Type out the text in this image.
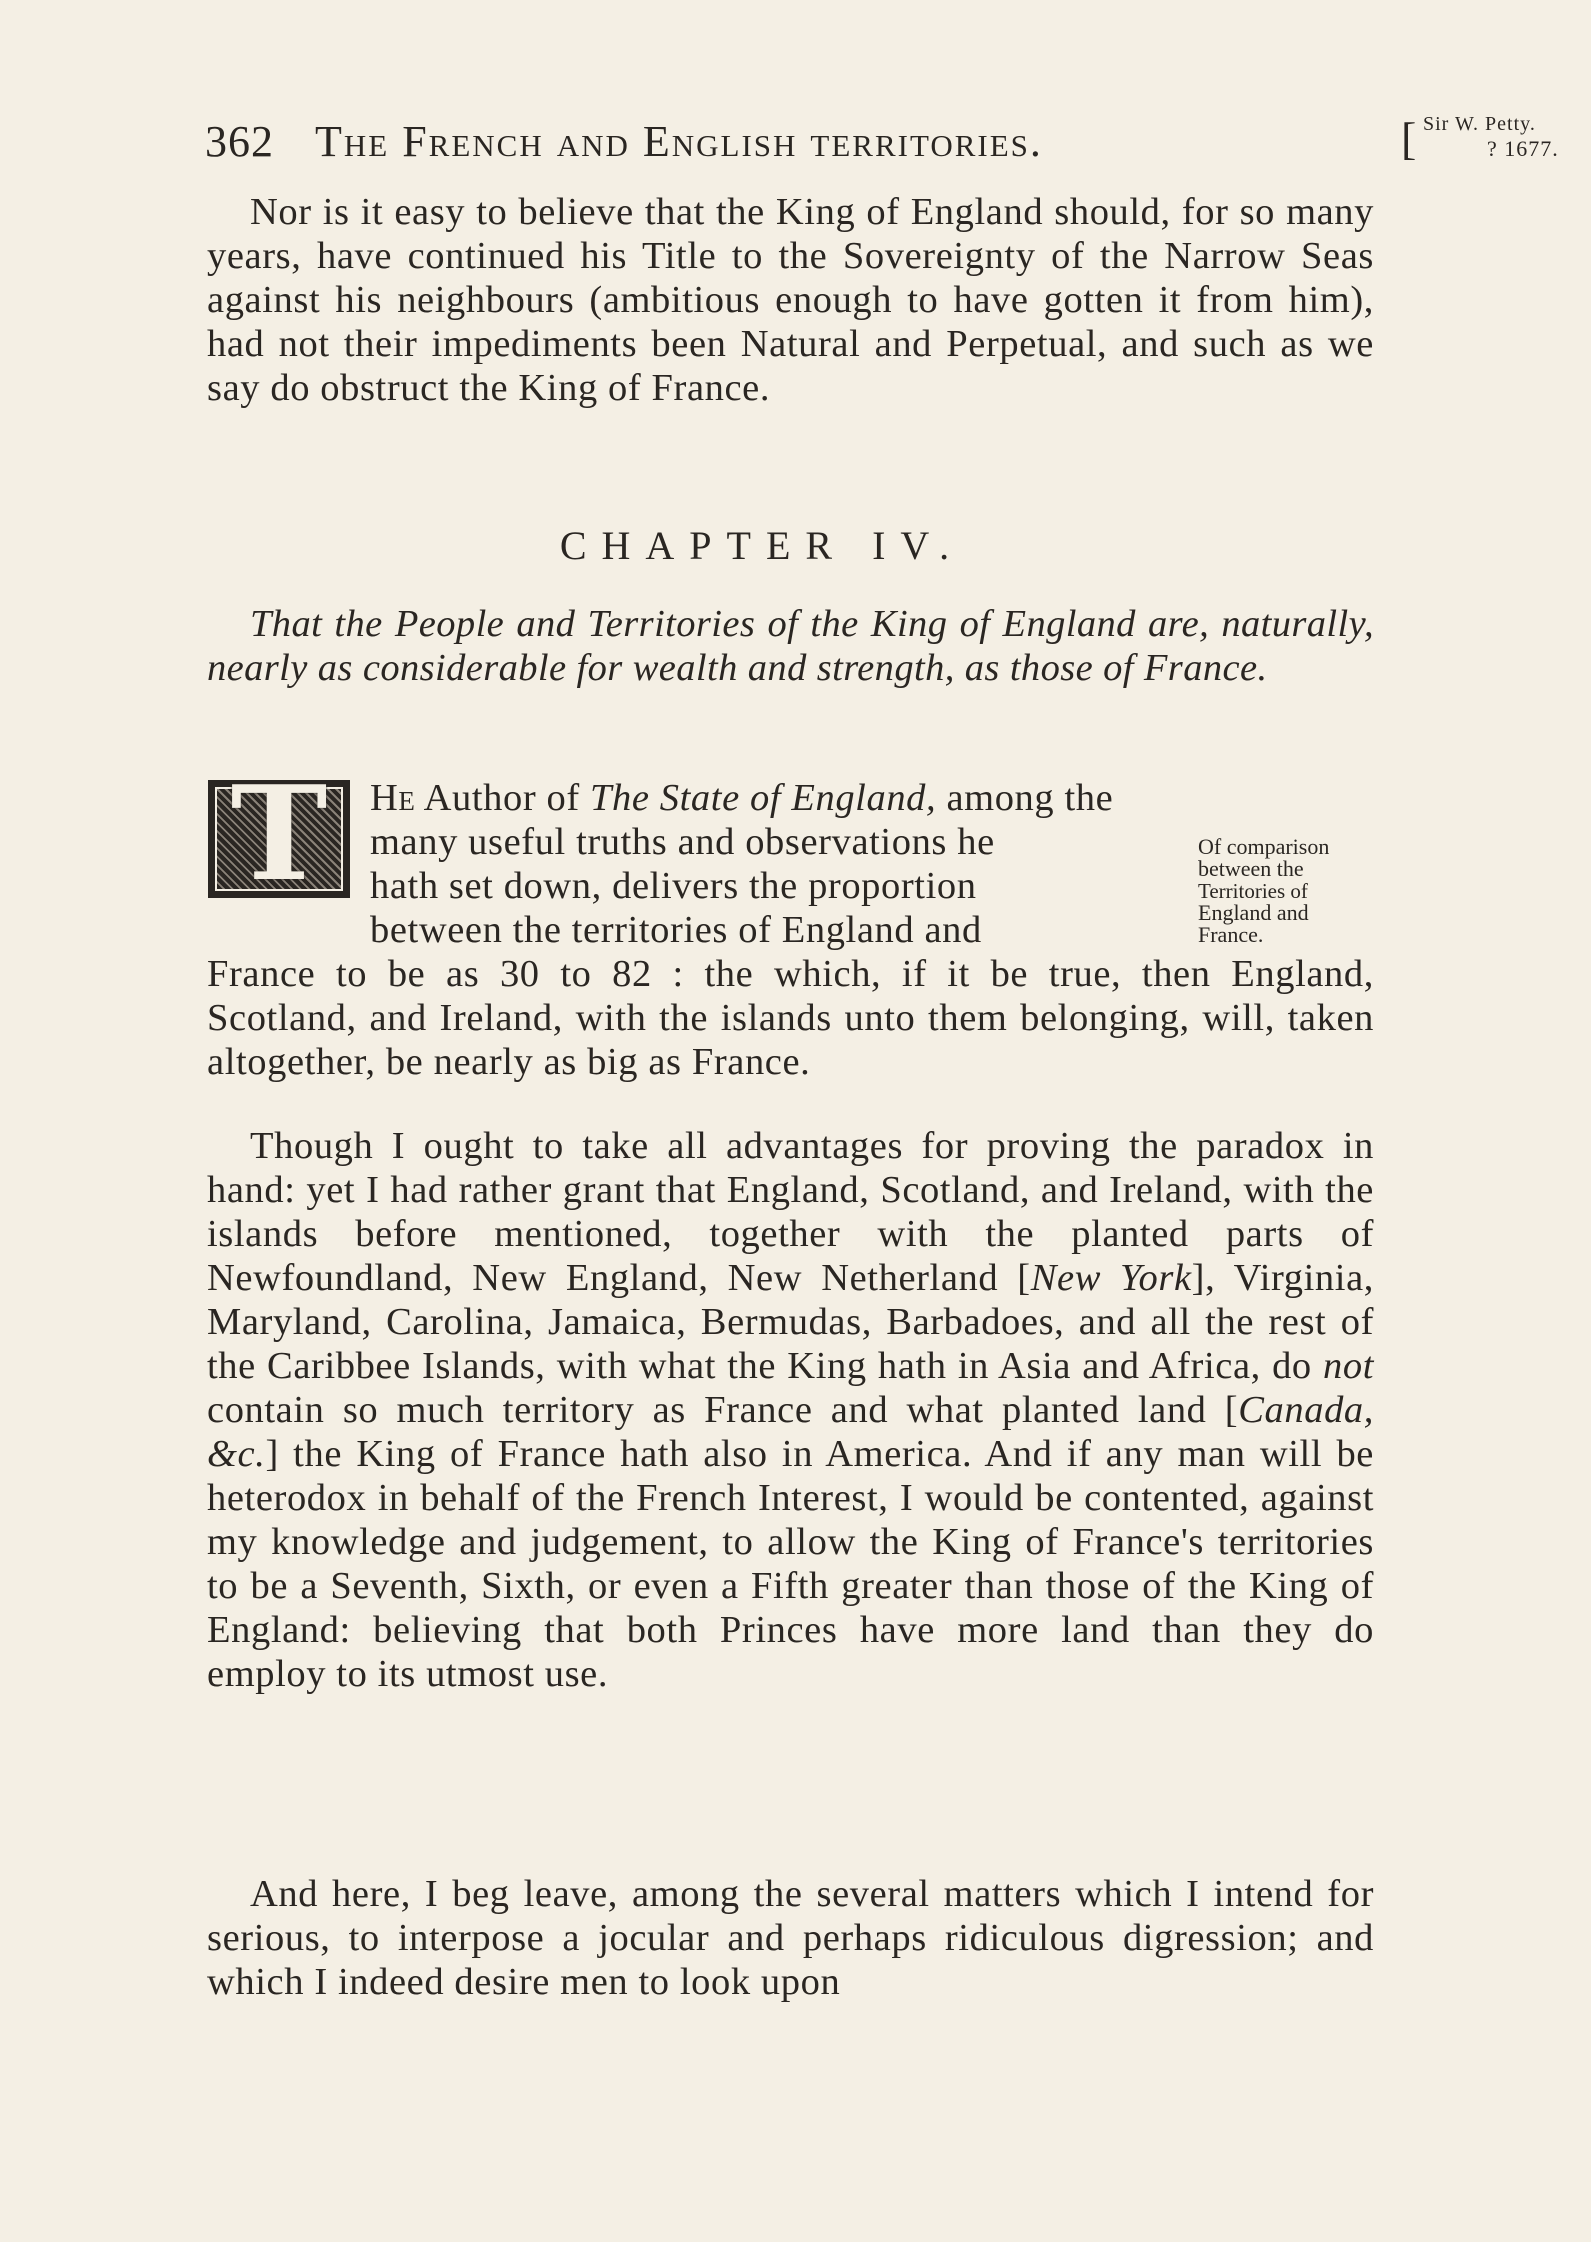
362 The French and English territories.	[ Sir W. Petty.
? 1677.
Nor is it easy to believe that the King of England should, for so many years, have continued his Title to the Sovereignty of the Narrow Seas against his neighbours (ambitious enough to have gotten it from him), had not their impediments been Natural and Perpetual, and such as we say do obstruct the King of France.
CHAPTER IV.
That the People and Territories of the King of England are, naturally, nearly as considerable for wealth and strength, as those of France.
T	He Author of The State of England, among the
many useful truths and observations he
hath set down, delivers the proportion
between the territories of England and
Of comparison
between the
Territories of
England and
France.
France to be as 30 to 82 : the which, if it be true, then England, Scotland, and Ireland, with the islands unto them belonging, will, taken altogether, be nearly as big as France.
Though I ought to take all advantages for proving the paradox in hand: yet I had rather grant that England, Scotland, and Ireland, with the islands before mentioned, together with the planted parts of Newfoundland, New England, New Netherland [New York], Virginia, Maryland, Carolina, Jamaica, Bermudas, Barbadoes, and all the rest of the Caribbee Islands, with what the King hath in Asia and Africa, do not contain so much territory as France and what planted land [Canada, &c.] the King of France hath also in America. And if any man will be heterodox in behalf of the French Interest, I would be contented, against my knowledge and judgement, to allow the King of France's territories to be a Seventh, Sixth, or even a Fifth greater than those of the King of England: believing that both Princes have more land than they do employ to its utmost use.
And here, I beg leave, among the several matters which I intend for serious, to interpose a jocular and perhaps ridiculous digression; and which I indeed desire men to look upon
